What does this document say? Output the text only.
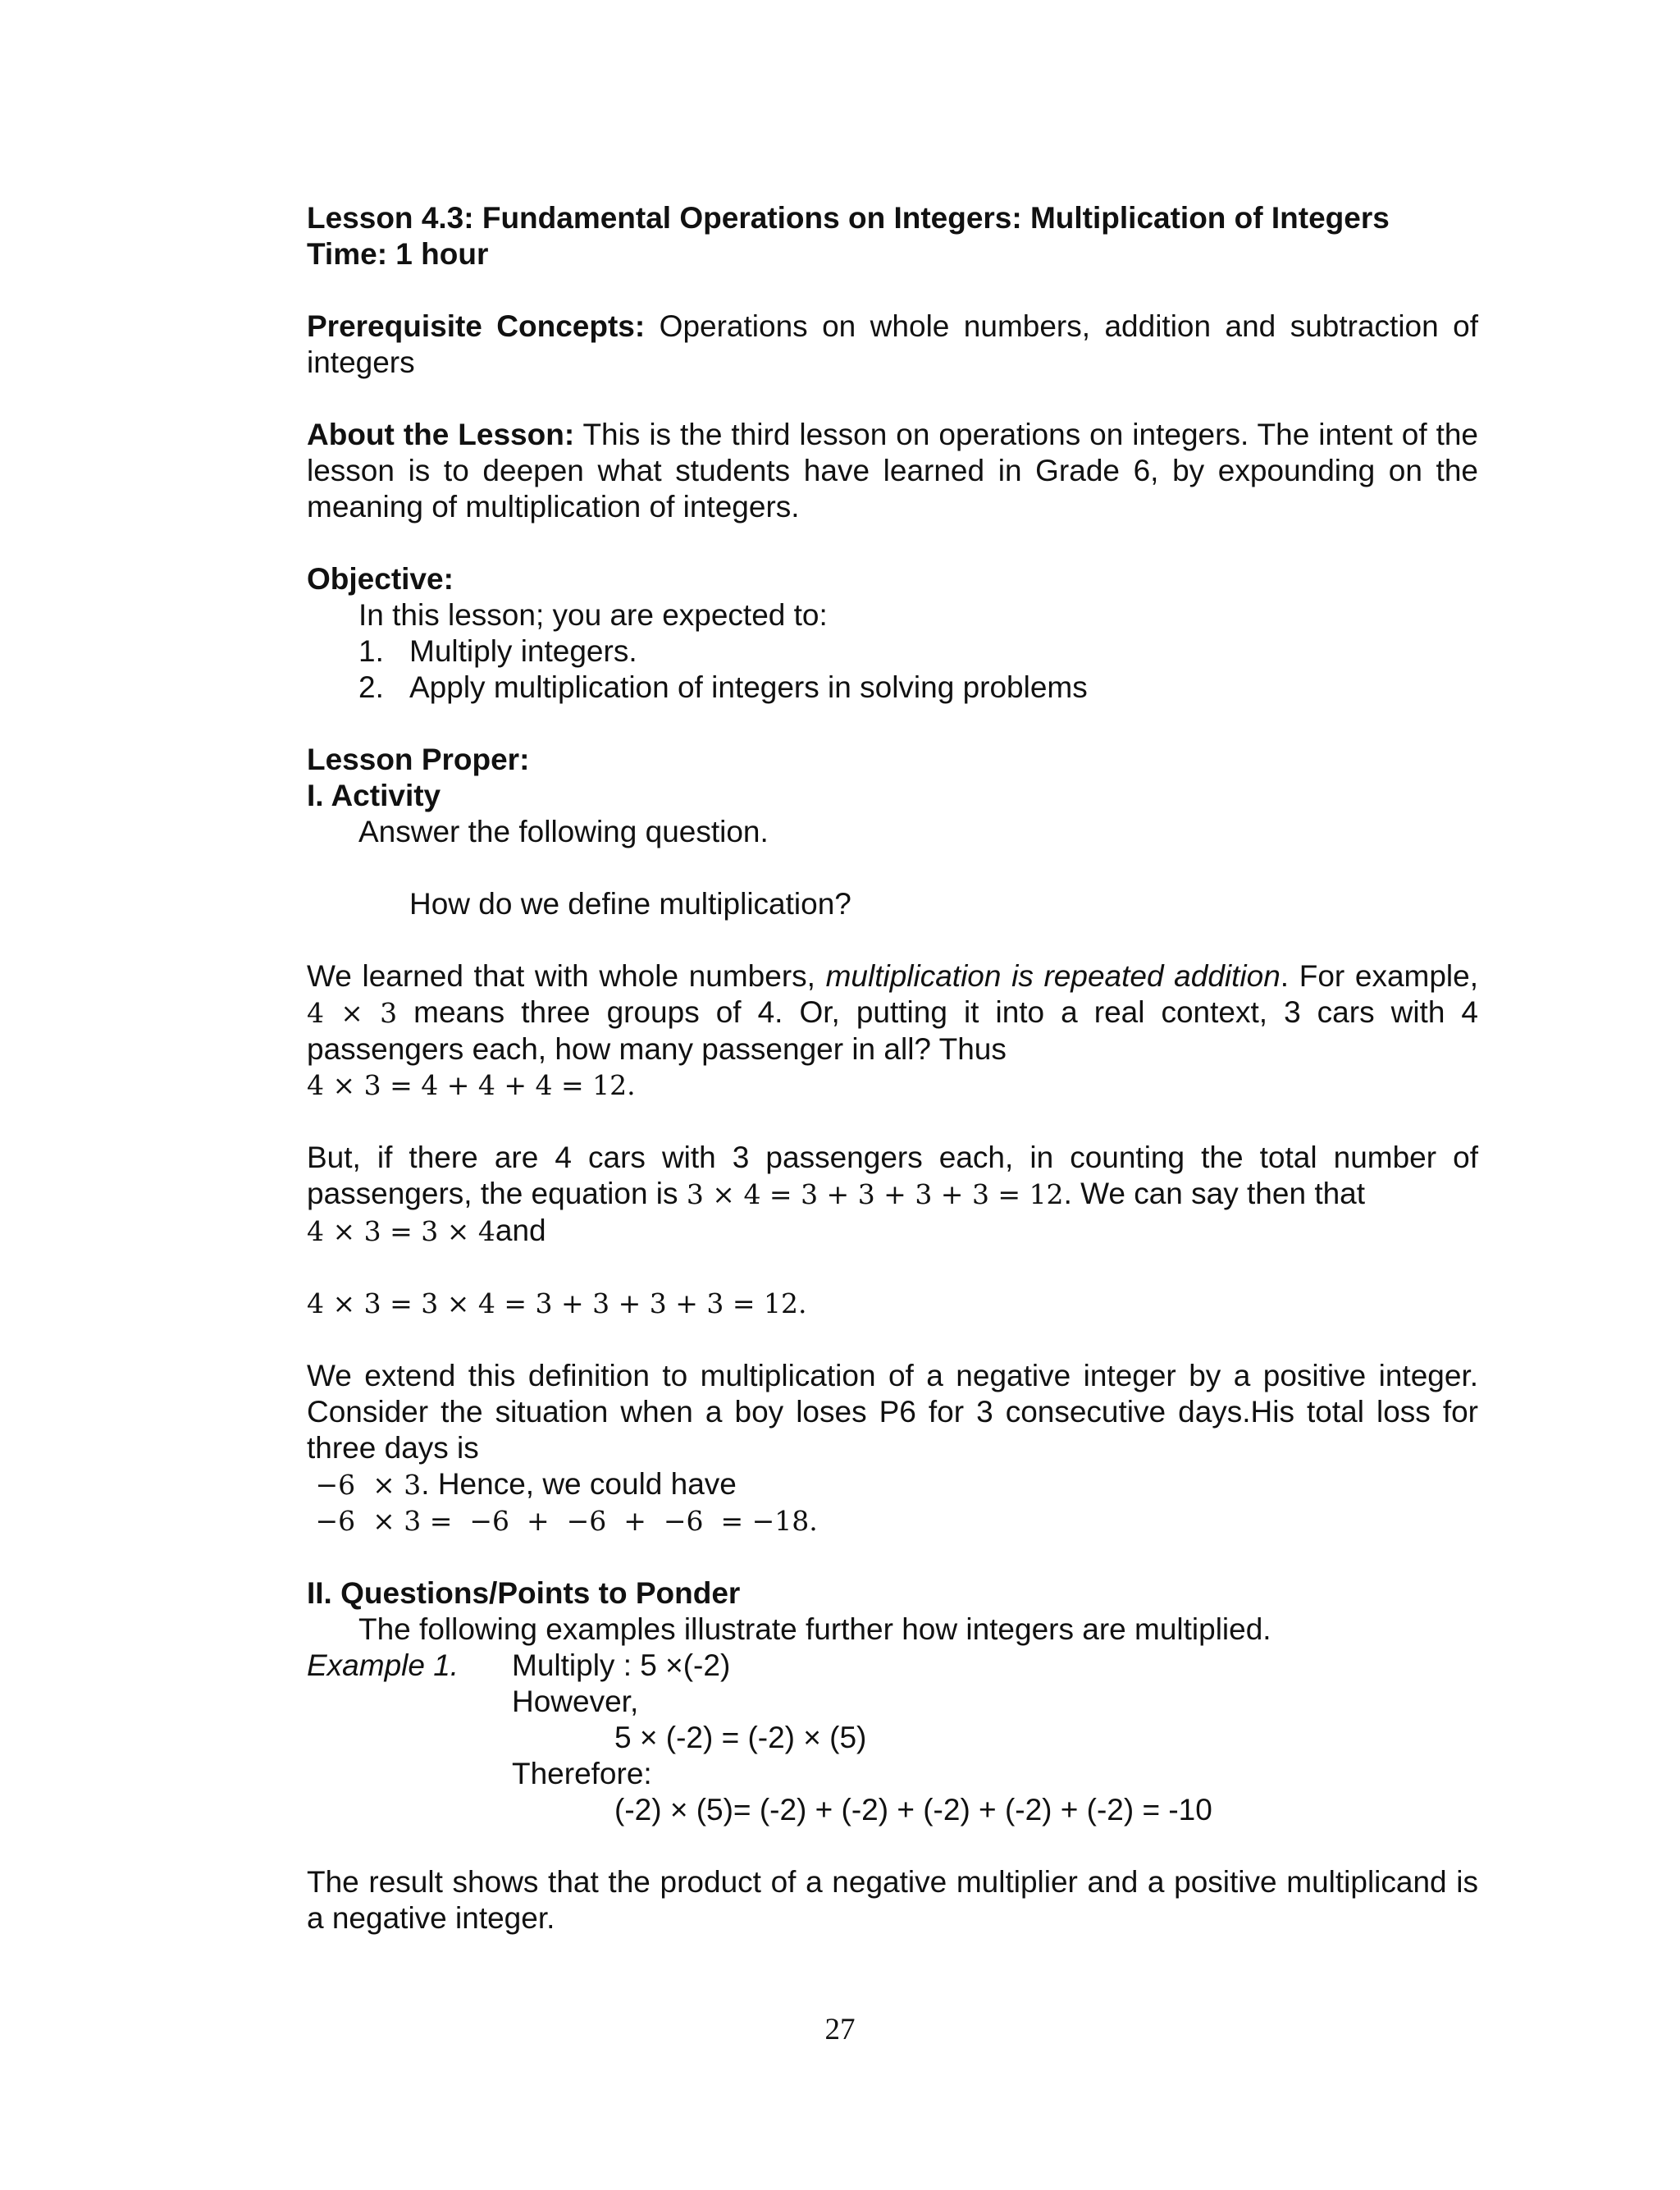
Lesson 4.3: Fundamental Operations on Integers: Multiplication of Integers

Time: 1 hour

Prerequisite Concepts: Operations on whole numbers, addition and subtraction of integers

About the Lesson: This is the third lesson on operations on integers. The intent of the lesson is to deepen what students have learned in Grade 6, by expounding on the meaning of multiplication of integers.

Objective:

In this lesson; you are expected to:

1. Multiply integers.
2. Apply multiplication of integers in solving problems

Lesson Proper:

I. Activity

Answer the following question.

How do we define multiplication?

We learned that with whole numbers, multiplication is repeated addition. For example, 4 × 3 means three groups of 4. Or, putting it into a real context, 3 cars with 4 passengers each, how many passenger in all? Thus

4 × 3 = 4 + 4 + 4 = 12.

But, if there are 4 cars with 3 passengers each, in counting the total number of passengers, the equation is 3 × 4 = 3 + 3 + 3 + 3 = 12. We can say then that

4 × 3 = 3 × 4and

4 × 3 = 3 × 4 = 3 + 3 + 3 + 3 = 12.

We extend this definition to multiplication of a negative integer by a positive integer. Consider the situation when a boy loses P6 for 3 consecutive days.His total loss for three days is

−6  × 3. Hence, we could have

−6  × 3 =  −6  +  −6  +  −6  = −18.

II. Questions/Points to Ponder

The following examples illustrate further how integers are multiplied.

Example 1.	Multiply : 5 ×(-2)

However,

5 × (-2) = (-2) × (5)

Therefore:

(-2) × (5)= (-2) + (-2) + (-2) + (-2) + (-2) = -10

The result shows that the product of a negative multiplier and a positive multiplicand is a negative integer.

27
